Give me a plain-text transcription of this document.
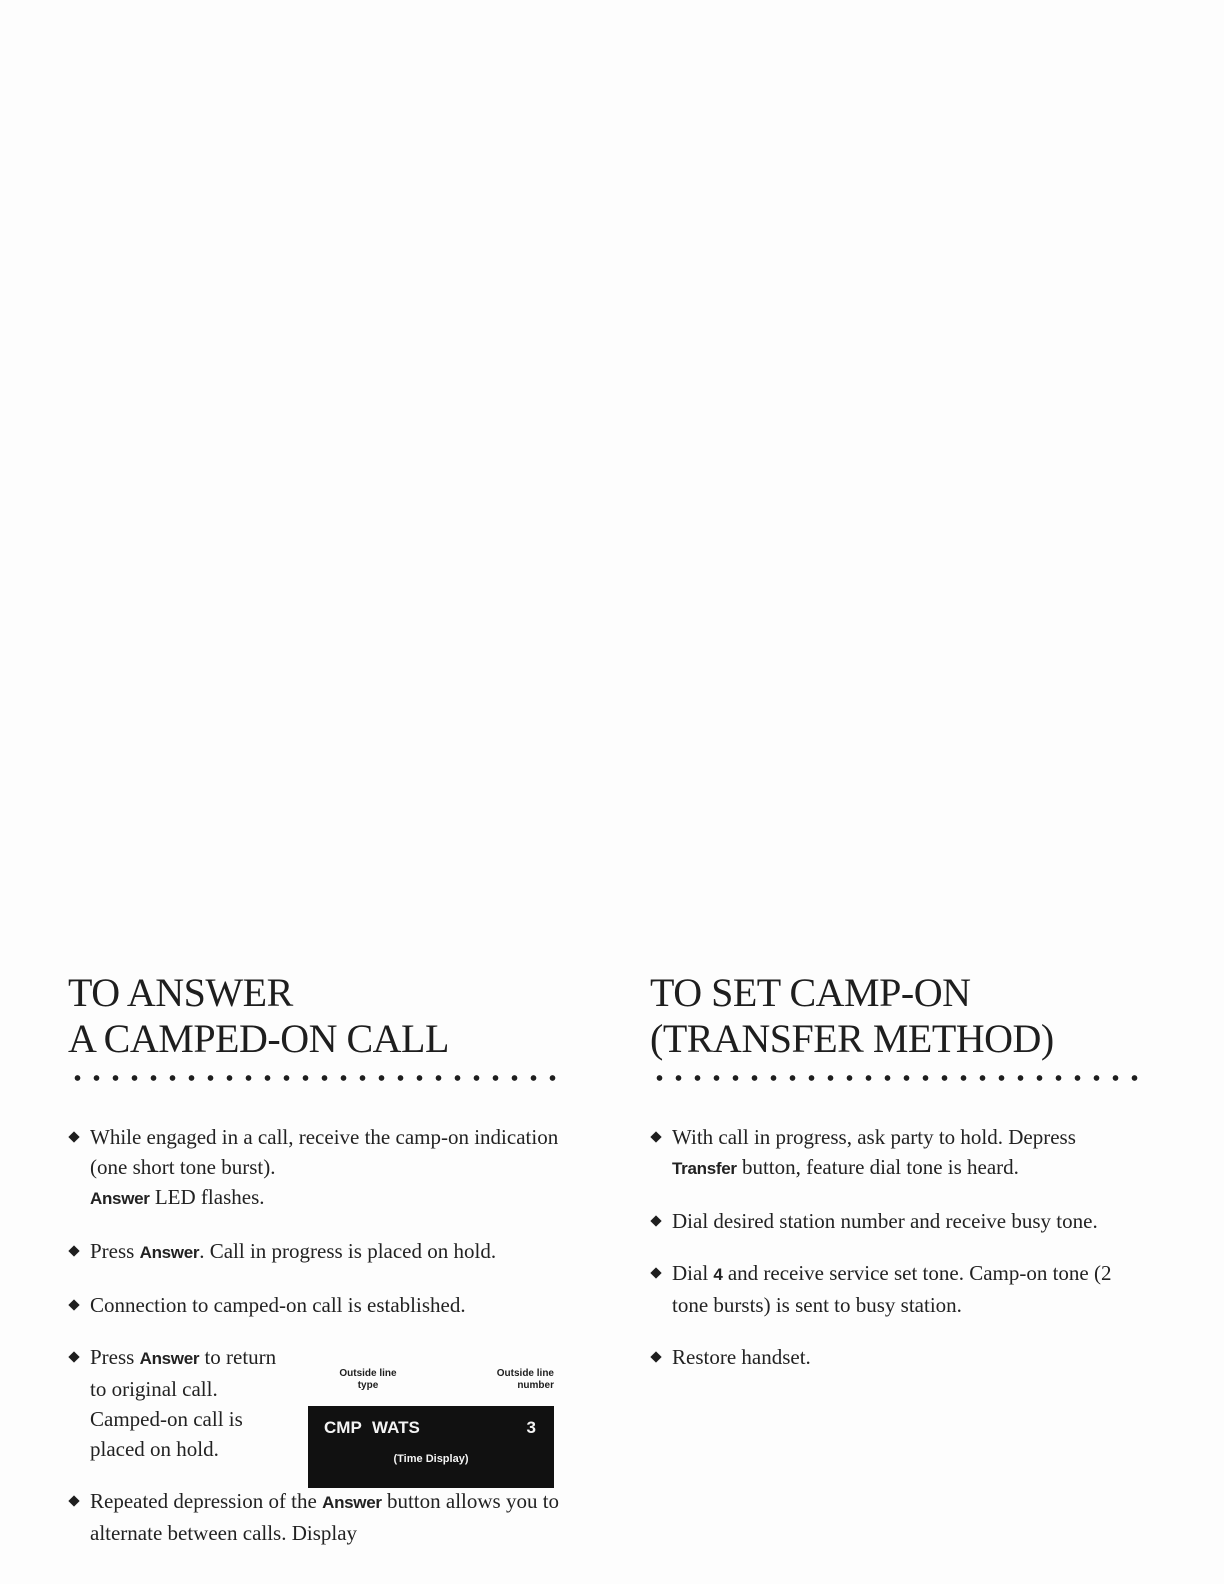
TO ANSWER
A CAMPED-ON CALL
While engaged in a call, receive the camp-on indication (one short tone burst).
Answer LED flashes.
Press Answer. Call in progress is placed on hold.
Connection to camped-on call is established.
Press Answer to return to original call. Camped-on call is placed on hold.
Repeated depression of the Answer button allows you to alternate between calls. Display
Outside line type
Outside line number
CMP WATS	3
(Time Display)
TO SET CAMP-ON
(TRANSFER METHOD)
With call in progress, ask party to hold. Depress
Transfer button, feature dial tone is heard.
Dial desired station number and receive busy tone.
Dial 4 and receive service set tone. Camp-on tone (2 tone bursts) is sent to busy station.
Restore handset.
